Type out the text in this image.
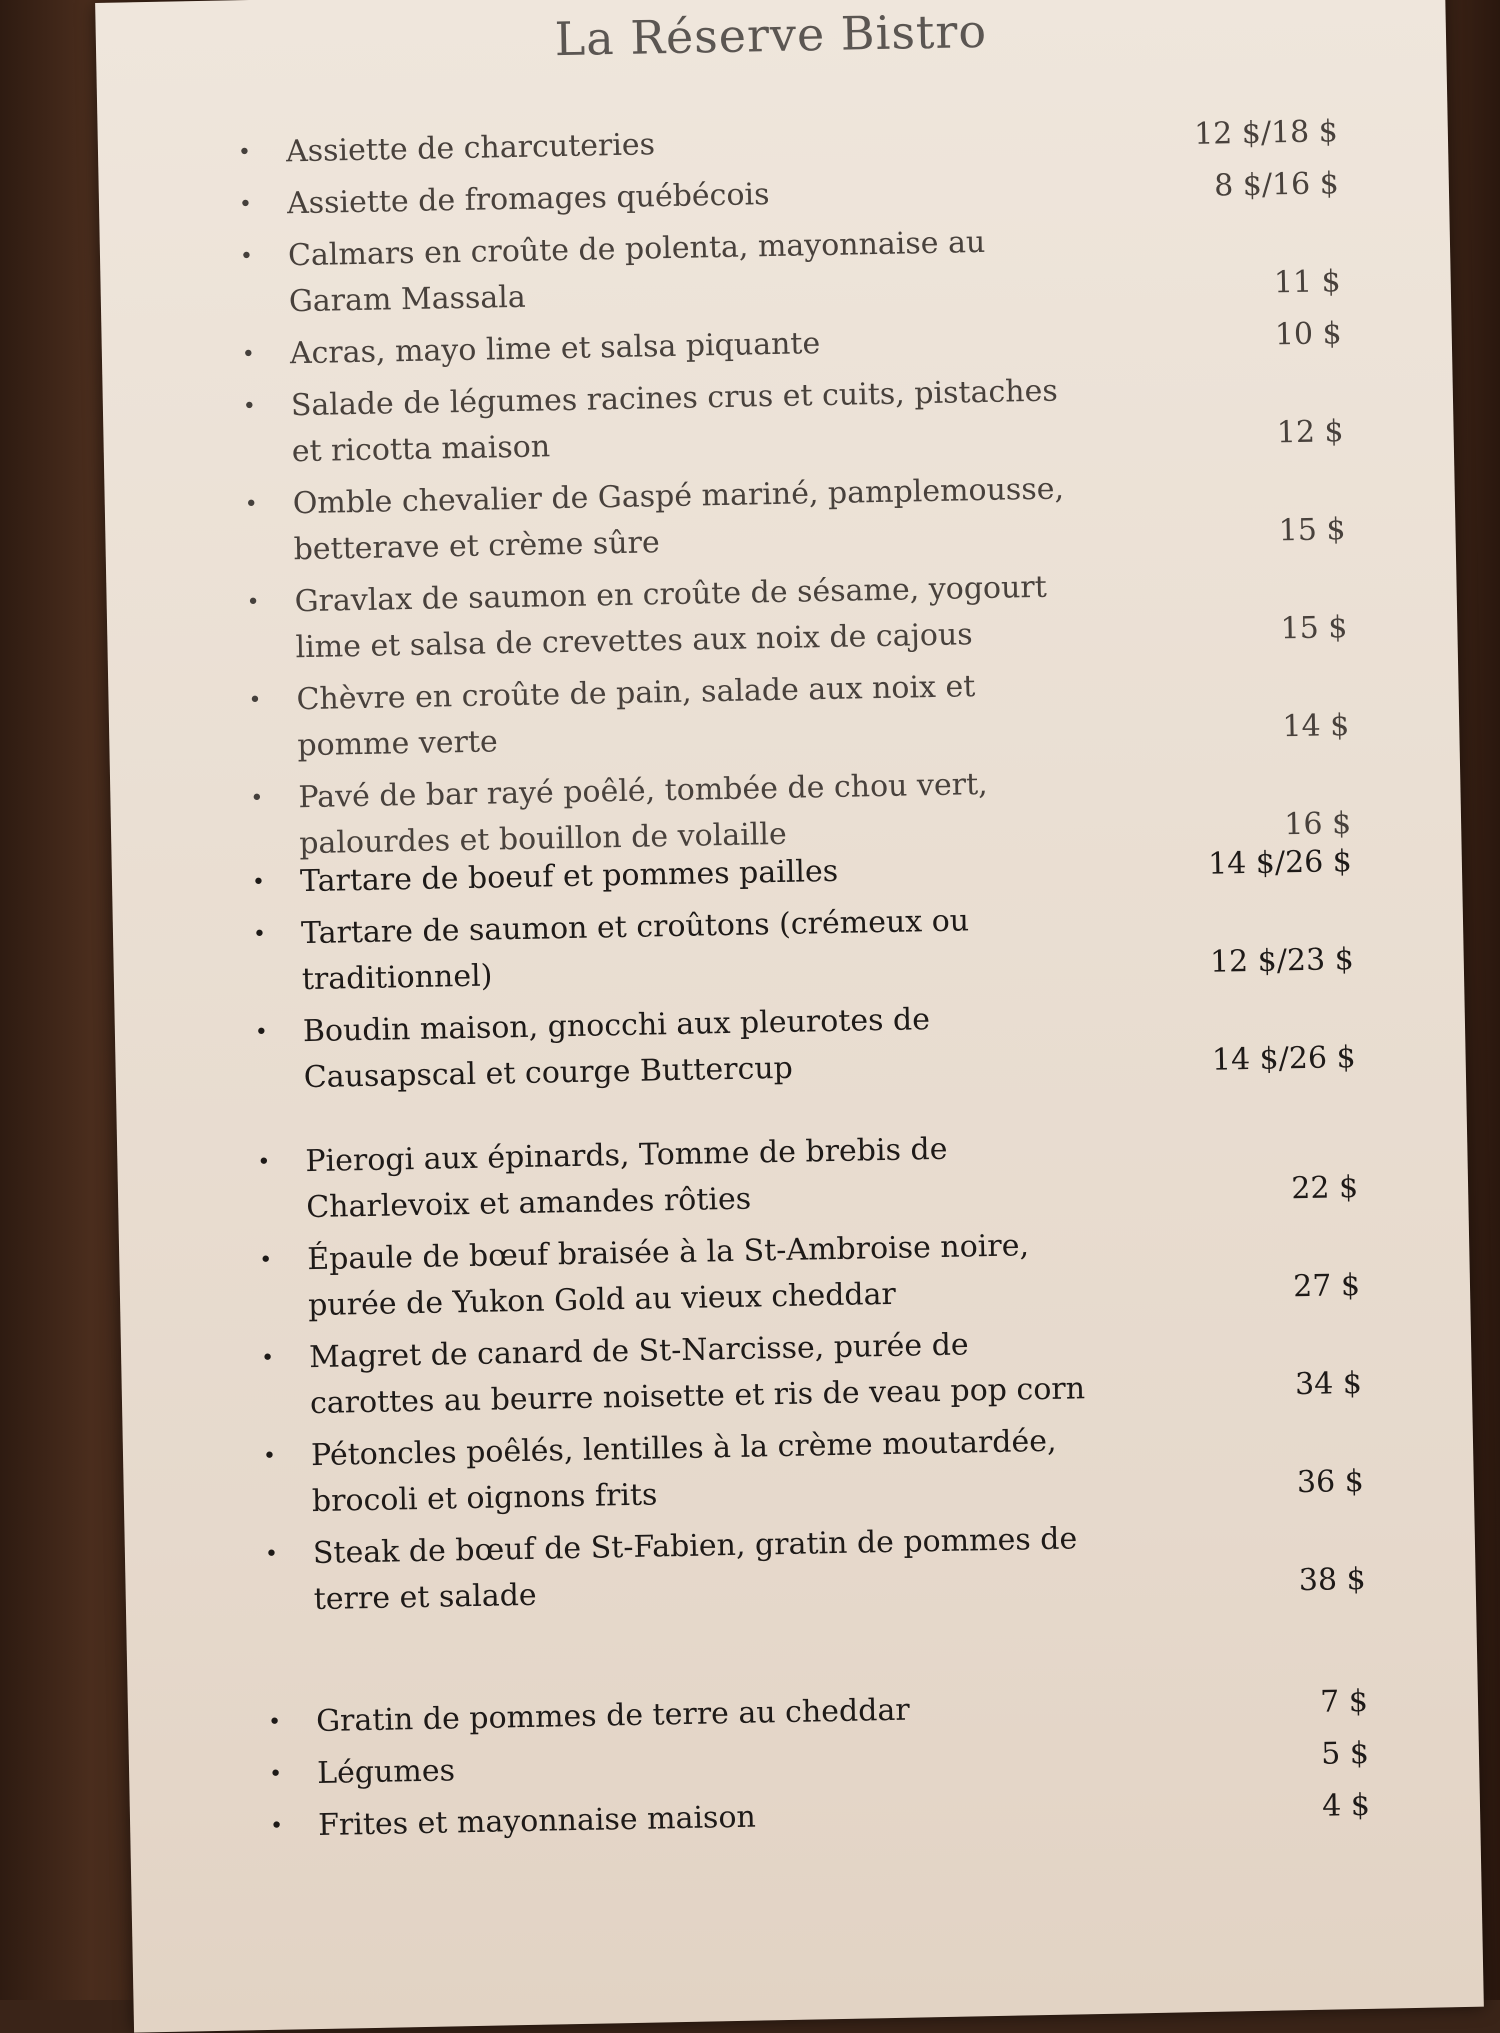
La Réserve Bistro
•	Assiette de charcuteries	12 $/18 $
•	Assiette de fromages québécois	8 $/16 $
•	Calmars en croûte de polenta, mayonnaise au Garam Massala	11 $
•	Acras, mayo lime et salsa piquante	10 $
•	Salade de légumes racines crus et cuits, pistaches et ricotta maison	12 $
•	Omble chevalier de Gaspé mariné, pamplemousse, betterave et crème sûre	15 $
•	Gravlax de saumon en croûte de sésame, yogourt lime et salsa de crevettes aux noix de cajous	15 $
•	Chèvre en croûte de pain, salade aux noix et pomme verte	14 $
•	Pavé de bar rayé poêlé, tombée de chou vert, palourdes et bouillon de volaille	16 $
•	Tartare de boeuf et pommes pailles	14 $/26 $
•	Tartare de saumon et croûtons (crémeux ou traditionnel)	12 $/23 $
•	Boudin maison, gnocchi aux pleurotes de Causapscal et courge Buttercup	14 $/26 $
•	Pierogi aux épinards, Tomme de brebis de Charlevoix et amandes rôties	22 $
•	Épaule de bœuf braisée à la St-Ambroise noire, purée de Yukon Gold au vieux cheddar	27 $
•	Magret de canard de St-Narcisse, purée de carottes au beurre noisette et ris de veau pop corn	34 $
•	Pétoncles poêlés, lentilles à la crème moutardée, brocoli et oignons frits	36 $
•	Steak de bœuf de St-Fabien, gratin de pommes de terre et salade	38 $
•	Gratin de pommes de terre au cheddar	7 $
•	Légumes	5 $
•	Frites et mayonnaise maison	4 $
